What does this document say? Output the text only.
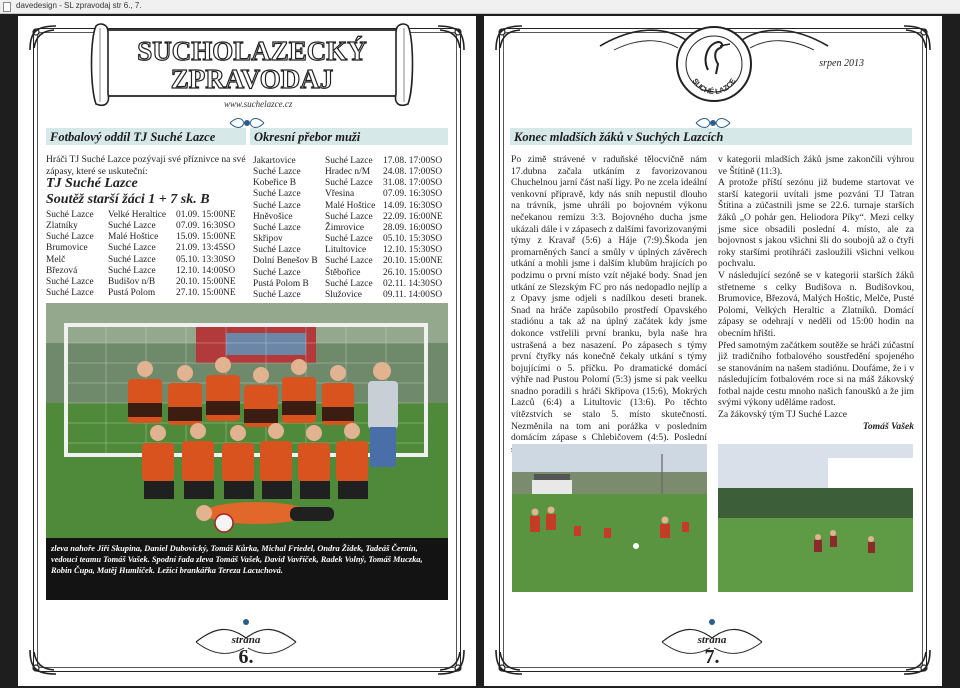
davedesign - SL zpravodaj str 6., 7.
SUCHOLAZECKÝ
ZPRAVODAJ
www.suchelazce.cz
Fotbalový oddíl TJ Suché Lazce	Okresní přebor muži
Hráči TJ Suché Lazce pozývají své příznivce na své zápasy, které se uskuteční:
TJ Suché Lazce
Soutěž starší žáci 1 + 7 sk. B
Suché Lazce	Velké Heraltice	01.09. 15:00	NE
Zlatníky	Suché Lazce	07.09. 16:30	SO
Suché Lazce	Malé Hoštice	15.09. 15:00	NE
Brumovice	Suché Lazce	21.09. 13:45	SO
Melč	Suché Lazce	05.10. 13:30	SO
Březová	Suché Lazce	12.10. 14:00	SO
Suché Lazce	Budišov n/B	20.10. 15:00	NE
Suché Lazce	Pustá Polom	27.10. 15:00	NE
Jakartovice	Suché Lazce	17.08. 17:00	SO
Suché Lazce	Hradec n/M	24.08. 17:00	SO
Kobeřice B	Suché Lazce	31.08. 17:00	SO
Suché Lazce	Vřesina	07.09. 16:30	SO
Suché Lazce	Malé Hoštice	14.09. 16:30	SO
Hněvošice	Suché Lazce	22.09. 16:00	NE
Suché Lazce	Žimrovice	28.09. 16:00	SO
Skřipov	Suché Lazce	05.10. 15:30	SO
Suché Lazce	Litultovice	12.10. 15:30	SO
Dolní Benešov B	Suché Lazce	20.10. 15:00	NE
Suché Lazce	Štěbořice	26.10. 15:00	SO
Pustá Polom B	Suché Lazce	02.11. 14:30	SO
Suché Lazce	Služovice	09.11. 14:00	SO
zleva nahoře Jiří Skupina, Daniel Dubovický, Tomáš Kůrka, Michal Friedel, Ondra Žídek, Tadeáš Černín, vedoucí teamu Tomáš Vašek. Spodní řada zleva Tomáš Vašek, David Vavříček, Radek Volný, Tomáš Muczka, Robin Čupa, Matěj Humlíček. Ležící brankářka Tereza Lacuchová.
strana
6.
SUCHÉ LAZCE
srpen 2013
Konec mladších žáků v Suchých Lazcích
Po zimě strávené v raduňské tělocvičně nám 17.dubna začala utkáním z favorizovanou Chuchelnou jarní část naší ligy. Po ne zcela ideální venkovní přípravě, kdy nás sníh nepustil dlouho na trávník, jsme uhráli po bojovném výkonu nečekanou remízu 3:3. Bojovného ducha jsme ukázali dále i v zápasech z dalšími favorizovanými týmy z Kravař (5:6) a Háje (7:9).Škoda jen promarněných šancí a smůly v úplných závěrech utkání a mohli jsme i dalším klubům hrajících po podzimu o první místo vzít nějaké body. Snad jen utkání ze Slezským FC pro nás nedopadlo nejlíp a z Opavy jsme odjeli s nadílkou deseti branek. Snad na hráče zapůsobilo prostředí Opavského stadiónu a tak až na úplný začátek kdy jsme dokonce vstřelili první branku, byla naše hra ustrašená a bez nasazení. Po zápasech s týmy první čtyřky nás konečně čekaly utkání s týmy bojujícími o 5. příčku. Po dramatické domácí výhře nad Pustou Polomí (5:3) jsme si pak veelku snadno poradili s hráči Skřipova (15:6), Mokrých Lazců (6:4) a Litultovic (13:6). Po těchto vítězstvích se stalo 5. místo skutečností. Nezměnila na tom ani porážka v posledním domácím zápase s Chlebičovem (4:5). Poslední

v kategorii mladších žáků jsme zakončili výhrou ve Štítině (11:3).

A protože příští sezónu již budeme startovat ve starší kategorii uvítali jsme pozvání TJ Tatran Štítina a zúčastnili jsme se 22.6. turnaje starších žáků „O pohár gen. Heliodora Píky“. Mezi celky jsme sice obsadili poslední 4. místo, ale za bojovnost s jakou všichni šli do soubojů až o čtyři roky staršími protihráči zasloužili všichni velkou pochvalu.

V následující sezóně se v kategorii starších žáků střetneme s celky Budišova n. Budišovkou, Brumovice, Březová, Malých Hoštic, Melče, Pusté Polomi, Velkých Heraltic a Zlatníků. Domácí zápasy se odehrají v neděli od 15:00 hodin na obecním hřišti.

Před samotným začátkem soutěže se hráči zúčastní již tradičního fotbalového soustředění spojeného se stanováním na našem stadiónu. Doufáme, že i v následujícím fotbalovém roce si na máš žákovský fotbal najde cestu mnoho našich fanoušků a že jim svými výkony uděláme radost.

Za žákovský tým TJ Suché Lazce

Tomáš Vašek

strana
7.
